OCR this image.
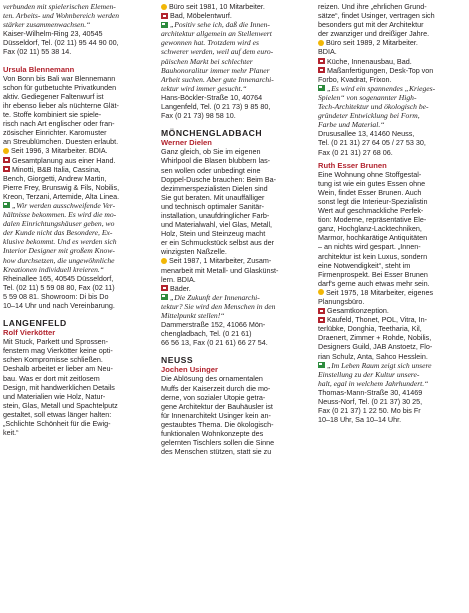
verbunden mit spielerischen Elemen-
ten. Arbeits- und Wohnbereich werden
stärker zusammenwachsen.“
Kaiser-Wilhelm-Ring 23, 40545
Düsseldorf, Tel. (02 11) 95 44 90 00,
Fax (02 11) 55 38 14.

Ursula Blennemann

Von Bonn bis Bali war Blennemann
schon für gutbetuchte Privatkunden
aktiv. Gediegener Faltenwurf ist
ihr ebenso lieber als nüchterne Glät-
te. Stoffe kombiniert sie spiele-
risch nach Art englischer oder fran-
zösischer Einrichter. Karomuster
an Streublümchen. Duesten erlaubt.
Seit 1996, 3 Mitarbeiter. BDIA.
Gesamtplanung aus einer Hand.
Minotti, B&B Italia, Cassina,
Bench, Giorgetti, Andrew Martin,
Pierre Frey, Brunswig & Fils, Nobilis,
Kreon, Terzani, Artemide, Alta Linea.
„Wir werden ausschweifende Ver-
hältnisse bekommen. Es wird die mo-
dalen Einrichtungshäuser geben, wo
der Kunde nicht das Besondere, Ex-
klusive bekommt. Und es werden sich
Interior Designer mit großem Know-
how durchsetzen, die ungewöhnliche
Kreationen individuell kreieren.“
Rheinallee 165, 40545 Düsseldorf,
Tel. (02 11) 5 59 08 80, Fax (02 11)
5 59 08 81. Showroom: Di bis Do
10–14 Uhr und nach Vereinbarung.

LANGENFELD

Rolf Vierkötter

Mit Stuck, Parkett und Sprossen-
fenstern mag Vierkötter keine opti-
schen Kompromisse schließen.
Deshalb arbeitet er lieber am Neu-
bau. Was er dort mit zeitlosem
Design, mit handwerklichen Details
und Materialien wie Holz, Natur-
stein, Glas, Metall und Spachtelputz
gestaltet, soll etwas länger halten:
„Schlichte Schönheit für die Ewig-
keit.“
Büro seit 1981, 10 Mitarbeiter.
Bad, Möbelentwurf.
„Positiv sehe ich, daß die Innen-
architektur allgemein an Stellenwert
gewonnen hat. Trotzdem wird es
schwerer werden, weil auf dem euro-
päischen Markt bei schlechter
Bauhonoralitur immer mehr Planer
Arbeit suchen. Aber gute Innenarchi-
tektur wird immer gesucht.“
Hans-Böckler-Straße 10, 40764
Langenfeld, Tel. (0 21 73) 9 85 80,
Fax (0 21 73) 98 58 10.

MÖNCHENGLADBACH

Werner Dielen

Ganz gleich, ob Sie im eigenen
Whirlpool die Blasen blubbern las-
sen wollen oder unbedingt eine
Doppel-Dusche brauchen: Beim Ba-
dezimmerspezialisten Dielen sind
Sie gut beraten. Mit unauffälliger
und technisch optimaler Sanitär-
installation, unaufdringlicher Farb-
und Materialwahl, viel Glas, Metall,
Holz, Stein und Steinzeug macht
er ein Schmuckstück selbst aus der
winzigsten Naßzelle.
Seit 1987, 1 Mitarbeiter, Zusam-
menarbeit mit Metall- und Glaskünst-
lern. BDIA.
Bäder.
„Die Zukunft der Innenarchi-
tektur? Sie wird den Menschen in den
Mittelpunkt stellen!“
Dammerstraße 152, 41066 Mön-
chengladbach, Tel. (0 21 61)
66 56 13, Fax (0 21 61) 66 27 54.

NEUSS

Jochen Usinger

Die Ablösung des ornamentalen
Muffs der Kaiserzeit durch die mo-
derne, von sozialer Utopie getra-
gene Architektur der Bauhäusler ist
für Innenarchitekt Usinger kein an-
gestaubtes Thema. Die ökologisch-
funktionalen Wohnkonzepte des
gelernten Tischlers sollen die Sinne
des Menschen stützen, statt sie zu
reizen. Und ihre „ehrlichen Grund-
sätze“, findet Usinger, vertragen sich
besonders gut mit der Architektur
der zwanziger und dreißiger Jahre.
Büro seit 1989, 2 Mitarbeiter.
BDIA.
Küche, Innenausbau, Bad.
Maßanfertigungen, Desk-Top von
Forbo, Kvadrat, Frixon.
„Es wird ein spannendes „Krieges-
Spielen“ von sogenannter High-
Tech-Architektur und ökologisch be-
gründeter Entwicklung bei Form,
Farbe und Material.“
Drususallee 13, 41460 Neuss,
Tel. (0 21 31) 27 64 05 / 27 53 30,
Fax (0 21 31) 27 68 06.

Ruth Esser Brunen

Eine Wohnung ohne Stoffgestal-
tung ist wie ein gutes Essen ohne
Wein, findet Esser Brunen. Auch
sonst legt die Interieur-Spezialistin
Wert auf geschmackliche Perfek-
tion: Moderne, repräsentative Ele-
ganz, Hochglanz-Lacktechniken,
Marmor, hochkarätige Antiquitäten
– an nichts wird gespart. „Innen-
architektur ist kein Luxus, sondern
eine Notwendigkeit“, steht im
Firmenprospekt. Bei Esser Brunen
darf's gerne auch etwas mehr sein.
Seit 1975, 18 Mitarbeiter, eigenes
Planungsbüro.
Gesamtkonzeption.
Kaufeld, Thonet, POL, Vitra, In-
terlübke, Donghia, Teetharia, Kil,
Draenert, Zimmer + Rohde, Nobilis,
Designers Guild, JAB Anstoetz, Flo-
rian Schulz, Anta, Sahco Hesslein.
„Im Leben Raum zeigt sich unsere
Einstellung zu der Kultur unsere-
halt, egal in welchem Jahrhundert.“
Thomas-Mann-Straße 30, 41469
Neuss-Norf, Tel. (0 21 37) 30 25,
Fax (0 21 37) 1 22 50. Mo bis Fr
10–18 Uhr, Sa 10–14 Uhr.
